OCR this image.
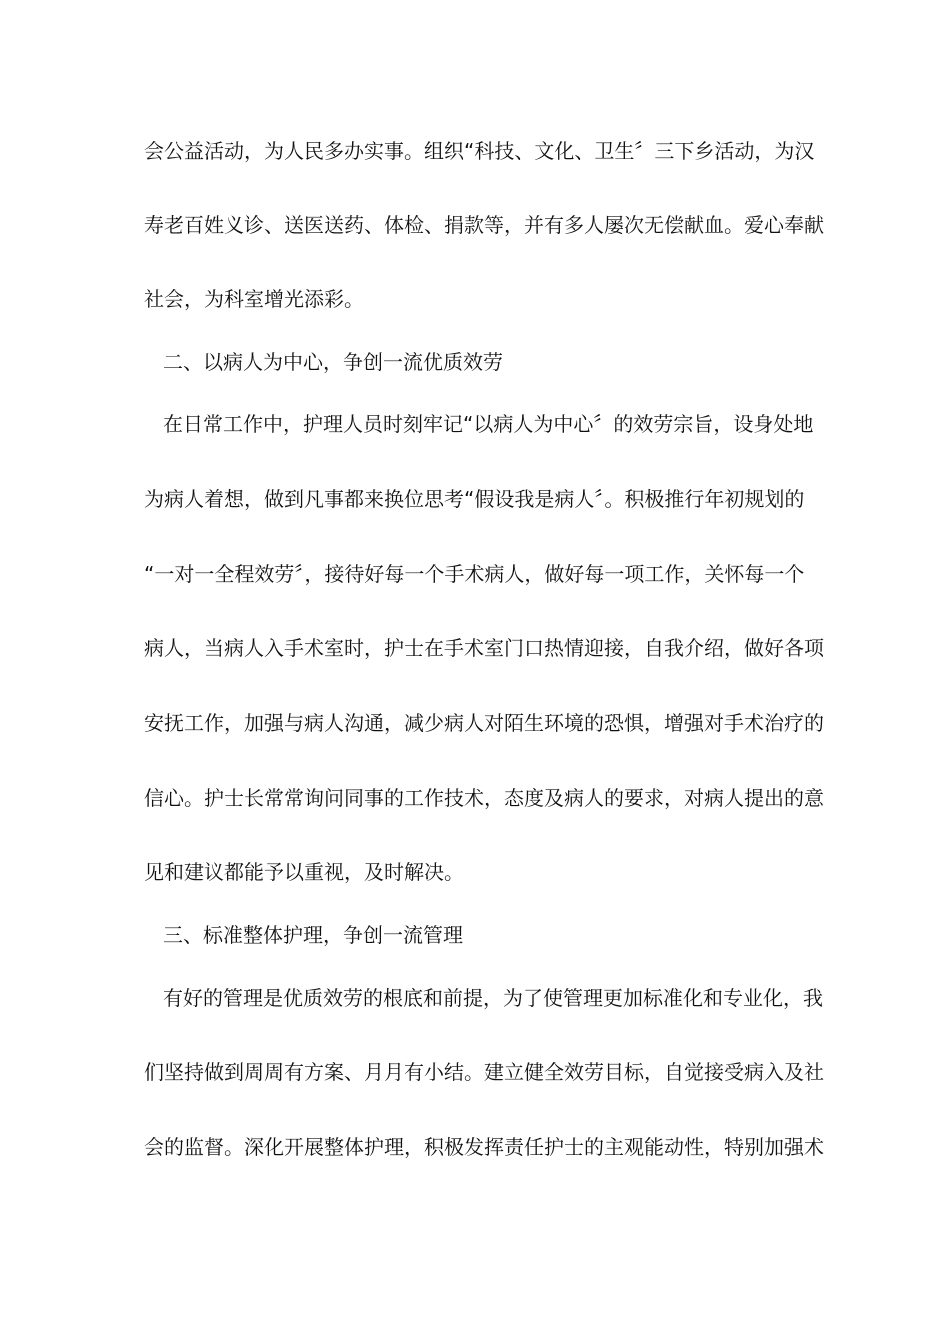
会公益活动，为人民多办实事。组织“科技、文化、卫生〞三下乡活动，为汉
寿老百姓义诊、送医送药、体检、捐款等，并有多人屡次无偿献血。爱心奉献
社会，为科室增光添彩。
二、以病人为中心，争创一流优质效劳
在日常工作中，护理人员时刻牢记“以病人为中心〞的效劳宗旨，设身处地
为病人着想，做到凡事都来换位思考“假设我是病人〞。积极推行年初规划的
“一对一全程效劳〞，接待好每一个手术病人，做好每一项工作，关怀每一个
病人，当病人入手术室时，护士在手术室门口热情迎接，自我介绍，做好各项
安抚工作，加强与病人沟通，减少病人对陌生环境的恐惧，增强对手术治疗的
信心。护士长常常询问同事的工作技术，态度及病人的要求，对病人提出的意
见和建议都能予以重视，及时解决。
三、标准整体护理，争创一流管理
有好的管理是优质效劳的根底和前提，为了使管理更加标准化和专业化，我
们坚持做到周周有方案、月月有小结。建立健全效劳目标，自觉接受病入及社
会的监督。深化开展整体护理，积极发挥责任护士的主观能动性，特别加强术
